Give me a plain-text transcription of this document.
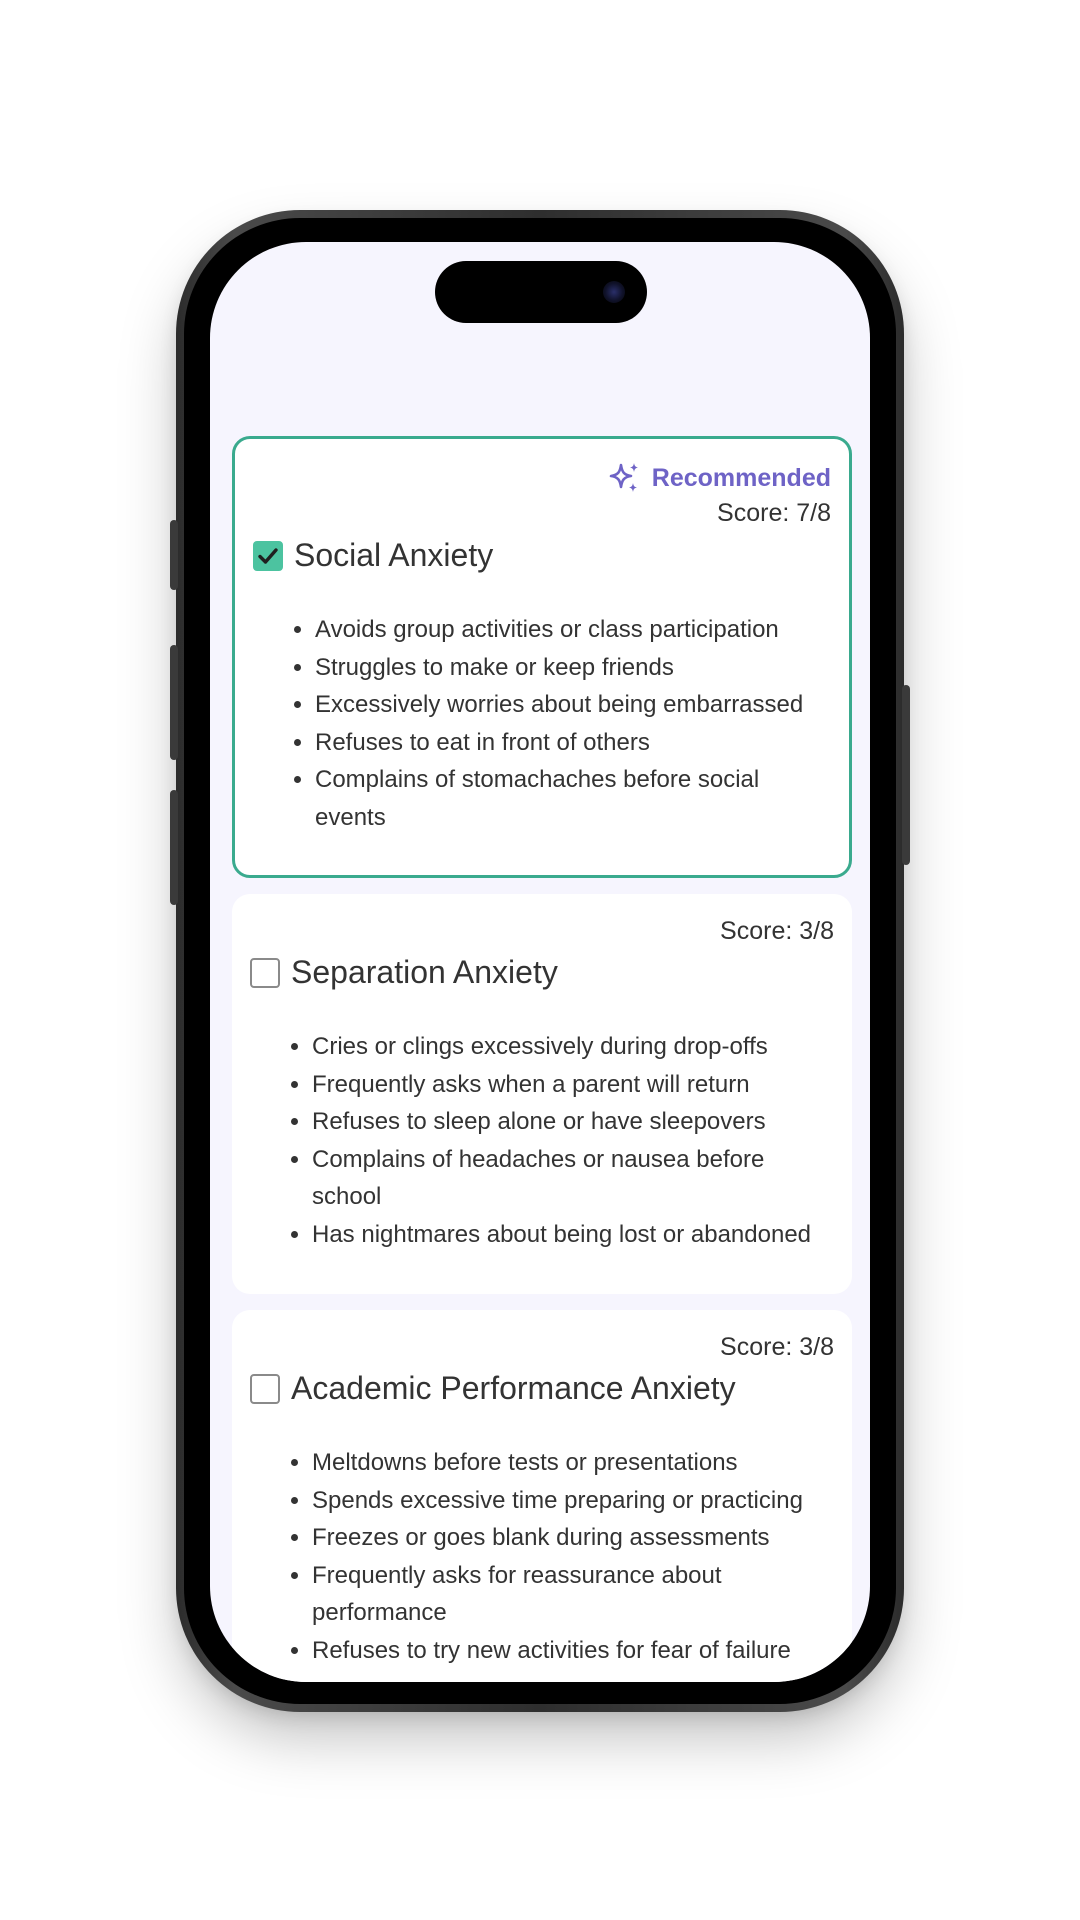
Recommended
Score: 7/8
Social Anxiety
• Avoids group activities or class participation
• Struggles to make or keep friends
• Excessively worries about being embarrassed
• Refuses to eat in front of others
• Complains of stomachaches before social events
Score: 3/8
Separation Anxiety
• Cries or clings excessively during drop-offs
• Frequently asks when a parent will return
• Refuses to sleep alone or have sleepovers
• Complains of headaches or nausea before school
• Has nightmares about being lost or abandoned
Score: 3/8
Academic Performance Anxiety
• Meltdowns before tests or presentations
• Spends excessive time preparing or practicing
• Freezes or goes blank during assessments
• Frequently asks for reassurance about performance
• Refuses to try new activities for fear of failure
